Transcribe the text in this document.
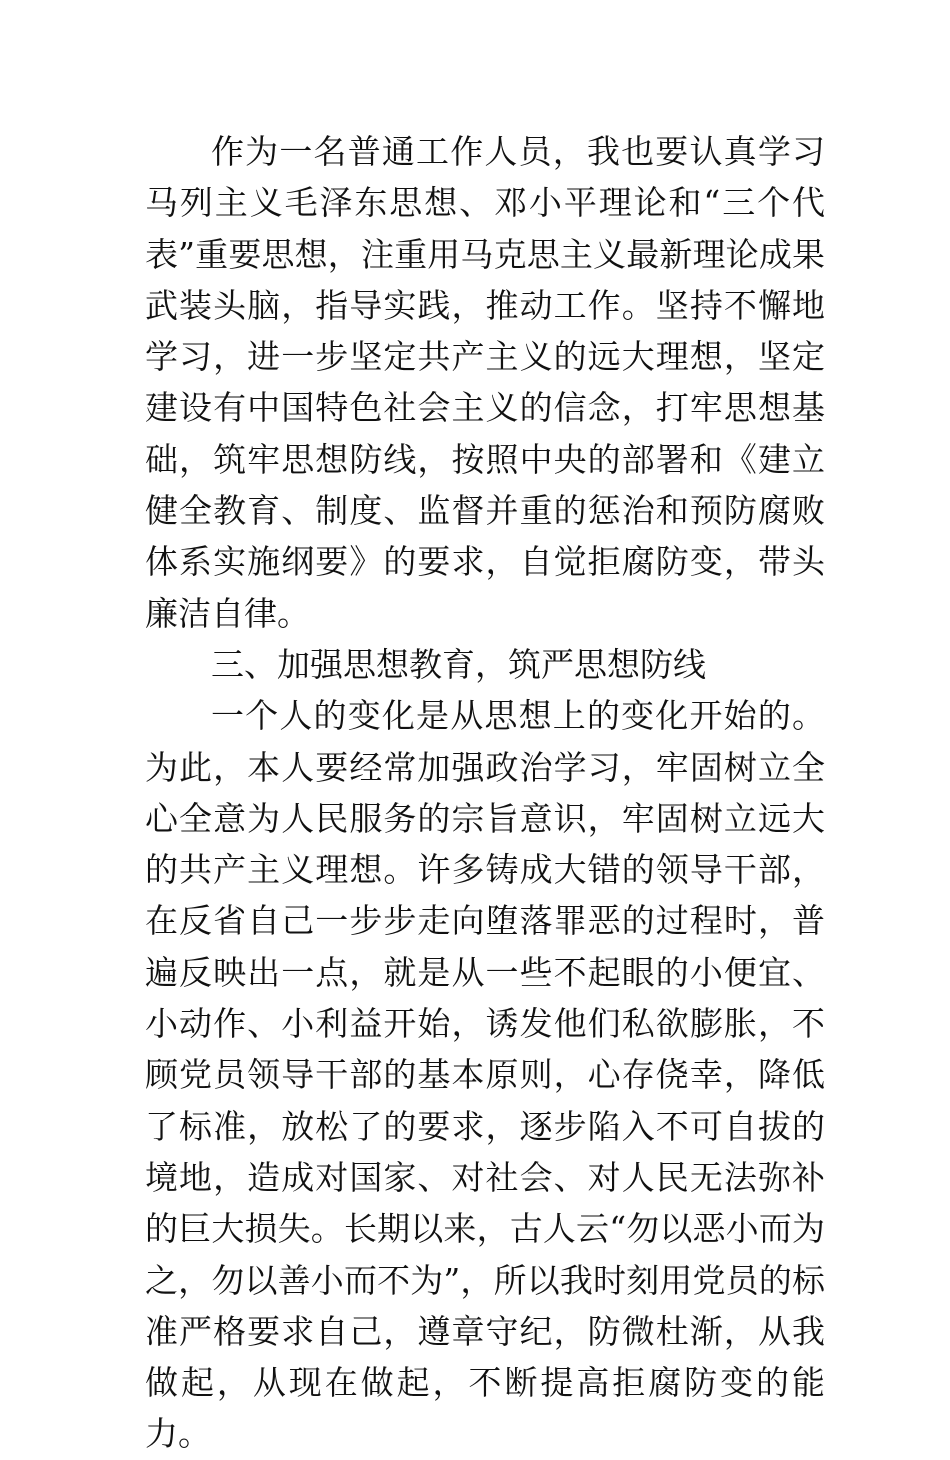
作为一名普通工作人员，我也要认真学习马列主义毛泽东思想、邓小平理论和“三个代表”重要思想，注重用马克思主义最新理论成果武装头脑，指导实践，推动工作。坚持不懈地学习，进一步坚定共产主义的远大理想，坚定建设有中国特色社会主义的信念，打牢思想基础，筑牢思想防线，按照中央的部署和《建立健全教育、制度、监督并重的惩治和预防腐败体系实施纲要》的要求，自觉拒腐防变，带头廉洁自律。

三、加强思想教育，筑严思想防线

一个人的变化是从思想上的变化开始的。为此，本人要经常加强政治学习，牢固树立全心全意为人民服务的宗旨意识，牢固树立远大的共产主义理想。许多铸成大错的领导干部，在反省自己一步步走向堕落罪恶的过程时，普遍反映出一点，就是从一些不起眼的小便宜、小动作、小利益开始，诱发他们私欲膨胀，不顾党员领导干部的基本原则，心存侥幸，降低了标准，放松了的要求，逐步陷入不可自拔的境地，造成对国家、对社会、对人民无法弥补的巨大损失。长期以来，古人云“勿以恶小而为之，勿以善小而不为”，所以我时刻用党员的标准严格要求自己，遵章守纪，防微杜渐，从我做起，从现在做起，不断提高拒腐防变的能力。
